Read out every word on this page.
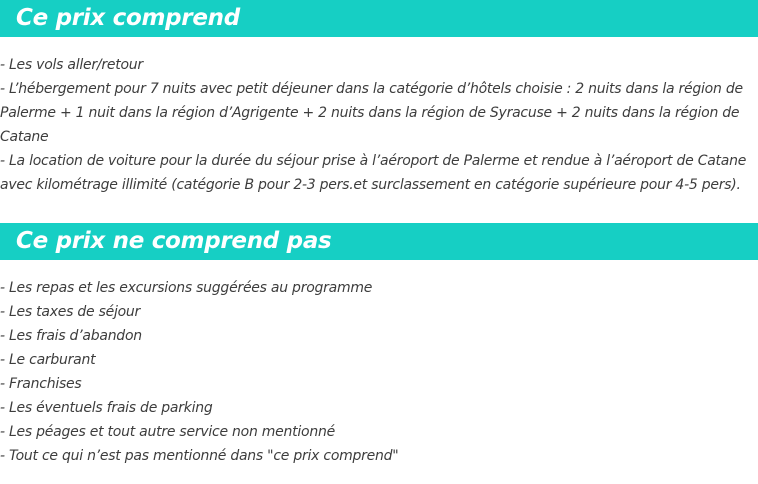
Ce prix comprend
- Les vols aller/retour
- L’hébergement pour 7 nuits avec petit déjeuner dans la catégorie d’hôtels choisie : 2 nuits dans la région de Palerme + 1 nuit dans la région d’Agrigente + 2 nuits dans la région de Syracuse + 2 nuits dans la région de Catane
- La location de voiture pour la durée du séjour prise à l’aéroport de Palerme et rendue à l’aéroport de Catane avec kilométrage illimité (catégorie B pour 2-3 pers.et surclassement en catégorie supérieure pour 4-5 pers).
Ce prix ne comprend pas
- Les repas et les excursions suggérées au programme
- Les taxes de séjour
- Les frais d’abandon
- Le carburant
- Franchises
- Les éventuels frais de parking
- Les péages et tout autre service non mentionné
- Tout ce qui n’est pas mentionné dans "ce prix comprend"
